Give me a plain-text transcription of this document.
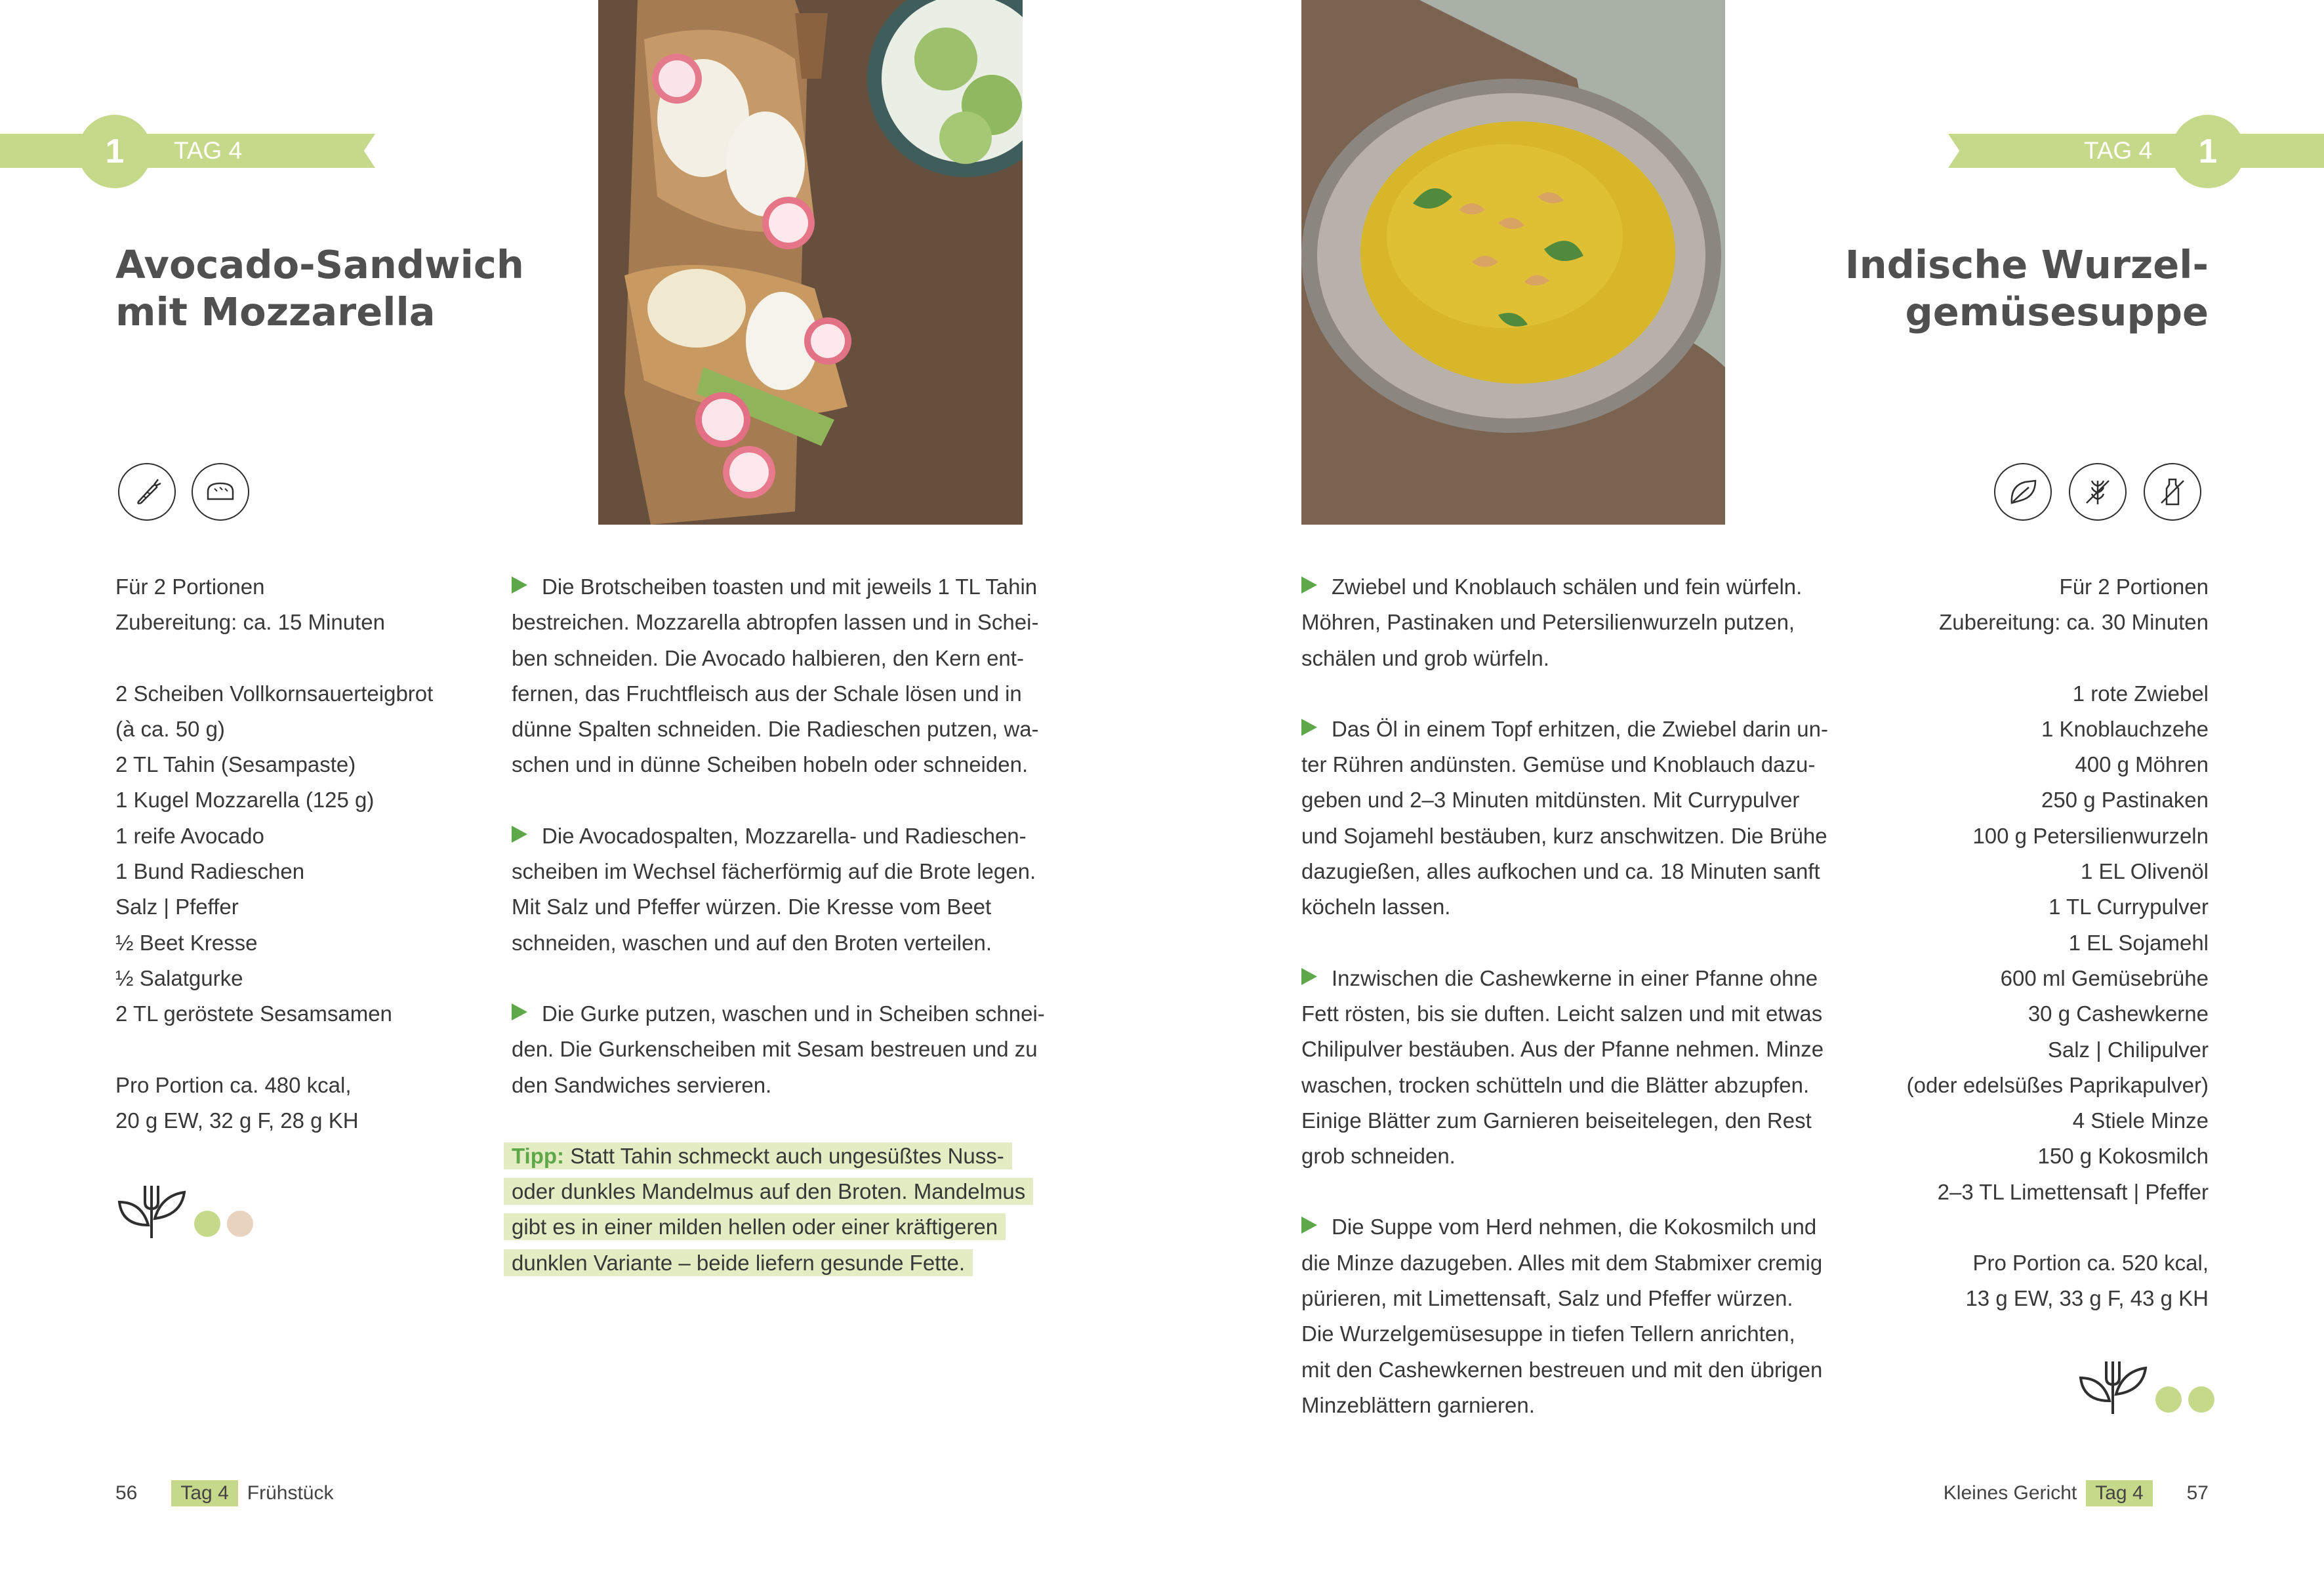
1	TAG 4

Avocado-Sandwich

mit Mozzarella

Für 2 Portionen
Zubereitung: ca. 15 Minuten
2 Scheiben Vollkornsauerteigbrot
(à ca. 50 g)
2 TL Tahin (Sesampaste)
1 Kugel Mozzarella (125 g)
1 reife Avocado
1 Bund Radieschen
Salz | Pfeffer
½ Beet Kresse
½ Salatgurke
2 TL geröstete Sesamsamen
Pro Portion ca. 480 kcal,
20 g EW, 32 g F, 28 g KH
Die Brotscheiben toasten und mit jeweils 1 TL Tahin
bestreichen. Mozzarella abtropfen lassen und in Schei-
ben schneiden. Die Avocado halbieren, den Kern ent-
fernen, das Fruchtfleisch aus der Schale lösen und in
dünne Spalten schneiden. Die Radieschen putzen, wa-
schen und in dünne Scheiben hobeln oder schneiden.
Die Avocadospalten, Mozzarella- und Radieschen-
scheiben im Wechsel fächerförmig auf die Brote legen.
Mit Salz und Pfeffer würzen. Die Kresse vom Beet
schneiden, waschen und auf den Broten verteilen.
Die Gurke putzen, waschen und in Scheiben schnei-
den. Die Gurkenscheiben mit Sesam bestreuen und zu
den Sandwiches servieren.
Tipp: Statt Tahin schmeckt auch ungesüßtes Nuss-
oder dunkles Mandelmus auf den Broten. Mandelmus
gibt es in einer milden hellen oder einer kräftigeren
dunklen Variante – beide liefern gesunde Fette.
56	Tag 4 Frühstück
1
TAG 4

Indische Wurzel-

gemüsesuppe

Zwiebel und Knoblauch schälen und fein würfeln.
Möhren, Pastinaken und Petersilienwurzeln putzen,
schälen und grob würfeln.
Das Öl in einem Topf erhitzen, die Zwiebel darin un-
ter Rühren andünsten. Gemüse und Knoblauch dazu-
geben und 2–3 Minuten mitdünsten. Mit Currypulver
und Sojamehl bestäuben, kurz anschwitzen. Die Brühe
dazugießen, alles aufkochen und ca. 18 Minuten sanft
köcheln lassen.
Inzwischen die Cashewkerne in einer Pfanne ohne
Fett rösten, bis sie duften. Leicht salzen und mit etwas
Chilipulver bestäuben. Aus der Pfanne nehmen. Minze
waschen, trocken schütteln und die Blätter abzupfen.
Einige Blätter zum Garnieren beiseitelegen, den Rest
grob schneiden.
Die Suppe vom Herd nehmen, die Kokosmilch und
die Minze dazugeben. Alles mit dem Stabmixer cremig
pürieren, mit Limettensaft, Salz und Pfeffer würzen.
Die Wurzelgemüsesuppe in tiefen Tellern anrichten,
mit den Cashewkernen bestreuen und mit den übrigen
Minzeblättern garnieren.
Für 2 Portionen
Zubereitung: ca. 30 Minuten
1 rote Zwiebel
1 Knoblauchzehe
400 g Möhren
250 g Pastinaken
100 g Petersilienwurzeln
1 EL Olivenöl
1 TL Currypulver
1 EL Sojamehl
600 ml Gemüsebrühe
30 g Cashewkerne
Salz | Chilipulver
(oder edelsüßes Paprikapulver)
4 Stiele Minze
150 g Kokosmilch
2–3 TL Limettensaft | Pfeffer
Pro Portion ca. 520 kcal,
13 g EW, 33 g F, 43 g KH
Kleines Gericht Tag 4	57
